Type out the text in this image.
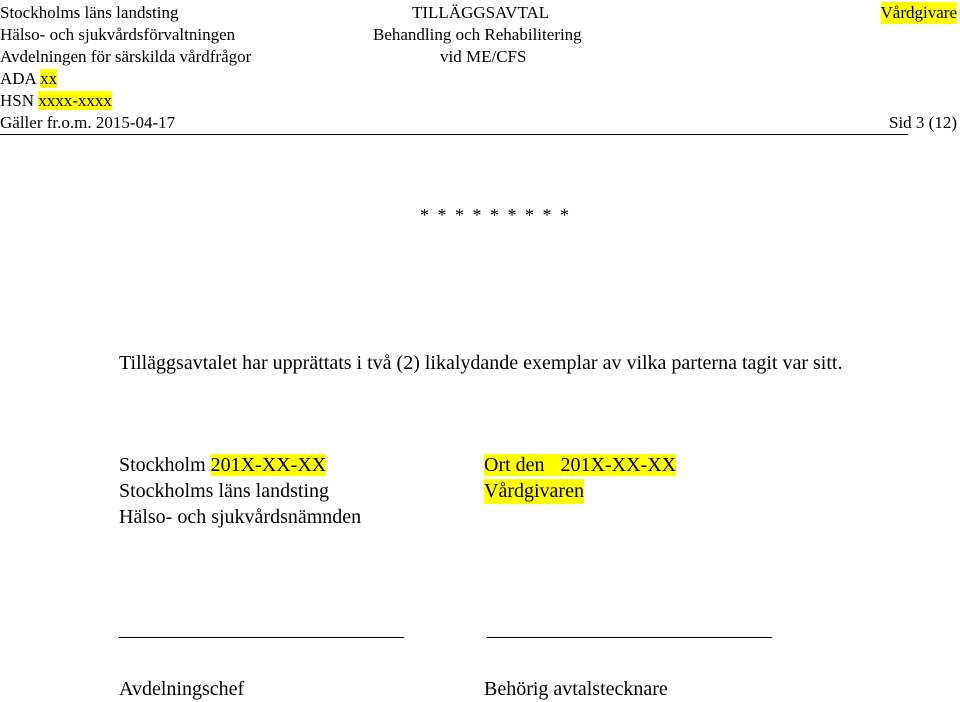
Stockholms läns landsting
Hälso- och sjukvårdsförvaltningen
Avdelningen för särskilda vårdfrågor
ADA xx
HSN xxxx-xxxx
Gäller fr.o.m. 2015-04-17
TILLÄGGSAVTAL
Behandling och Rehabilitering
vid ME/CFS
Vårdgivare
Sid 3 (12)
* * * * * * * * *
Tilläggsavtalet har upprättats i två (2) likalydande exemplar av vilka parterna tagit var sitt.
Stockholm 201X-XX-XX
Stockholms läns landsting
Hälso- och sjukvårdsnämnden
Ort den 201X-XX-XX
Vårdgivaren
Avdelningschef	Behörig avtalstecknare
